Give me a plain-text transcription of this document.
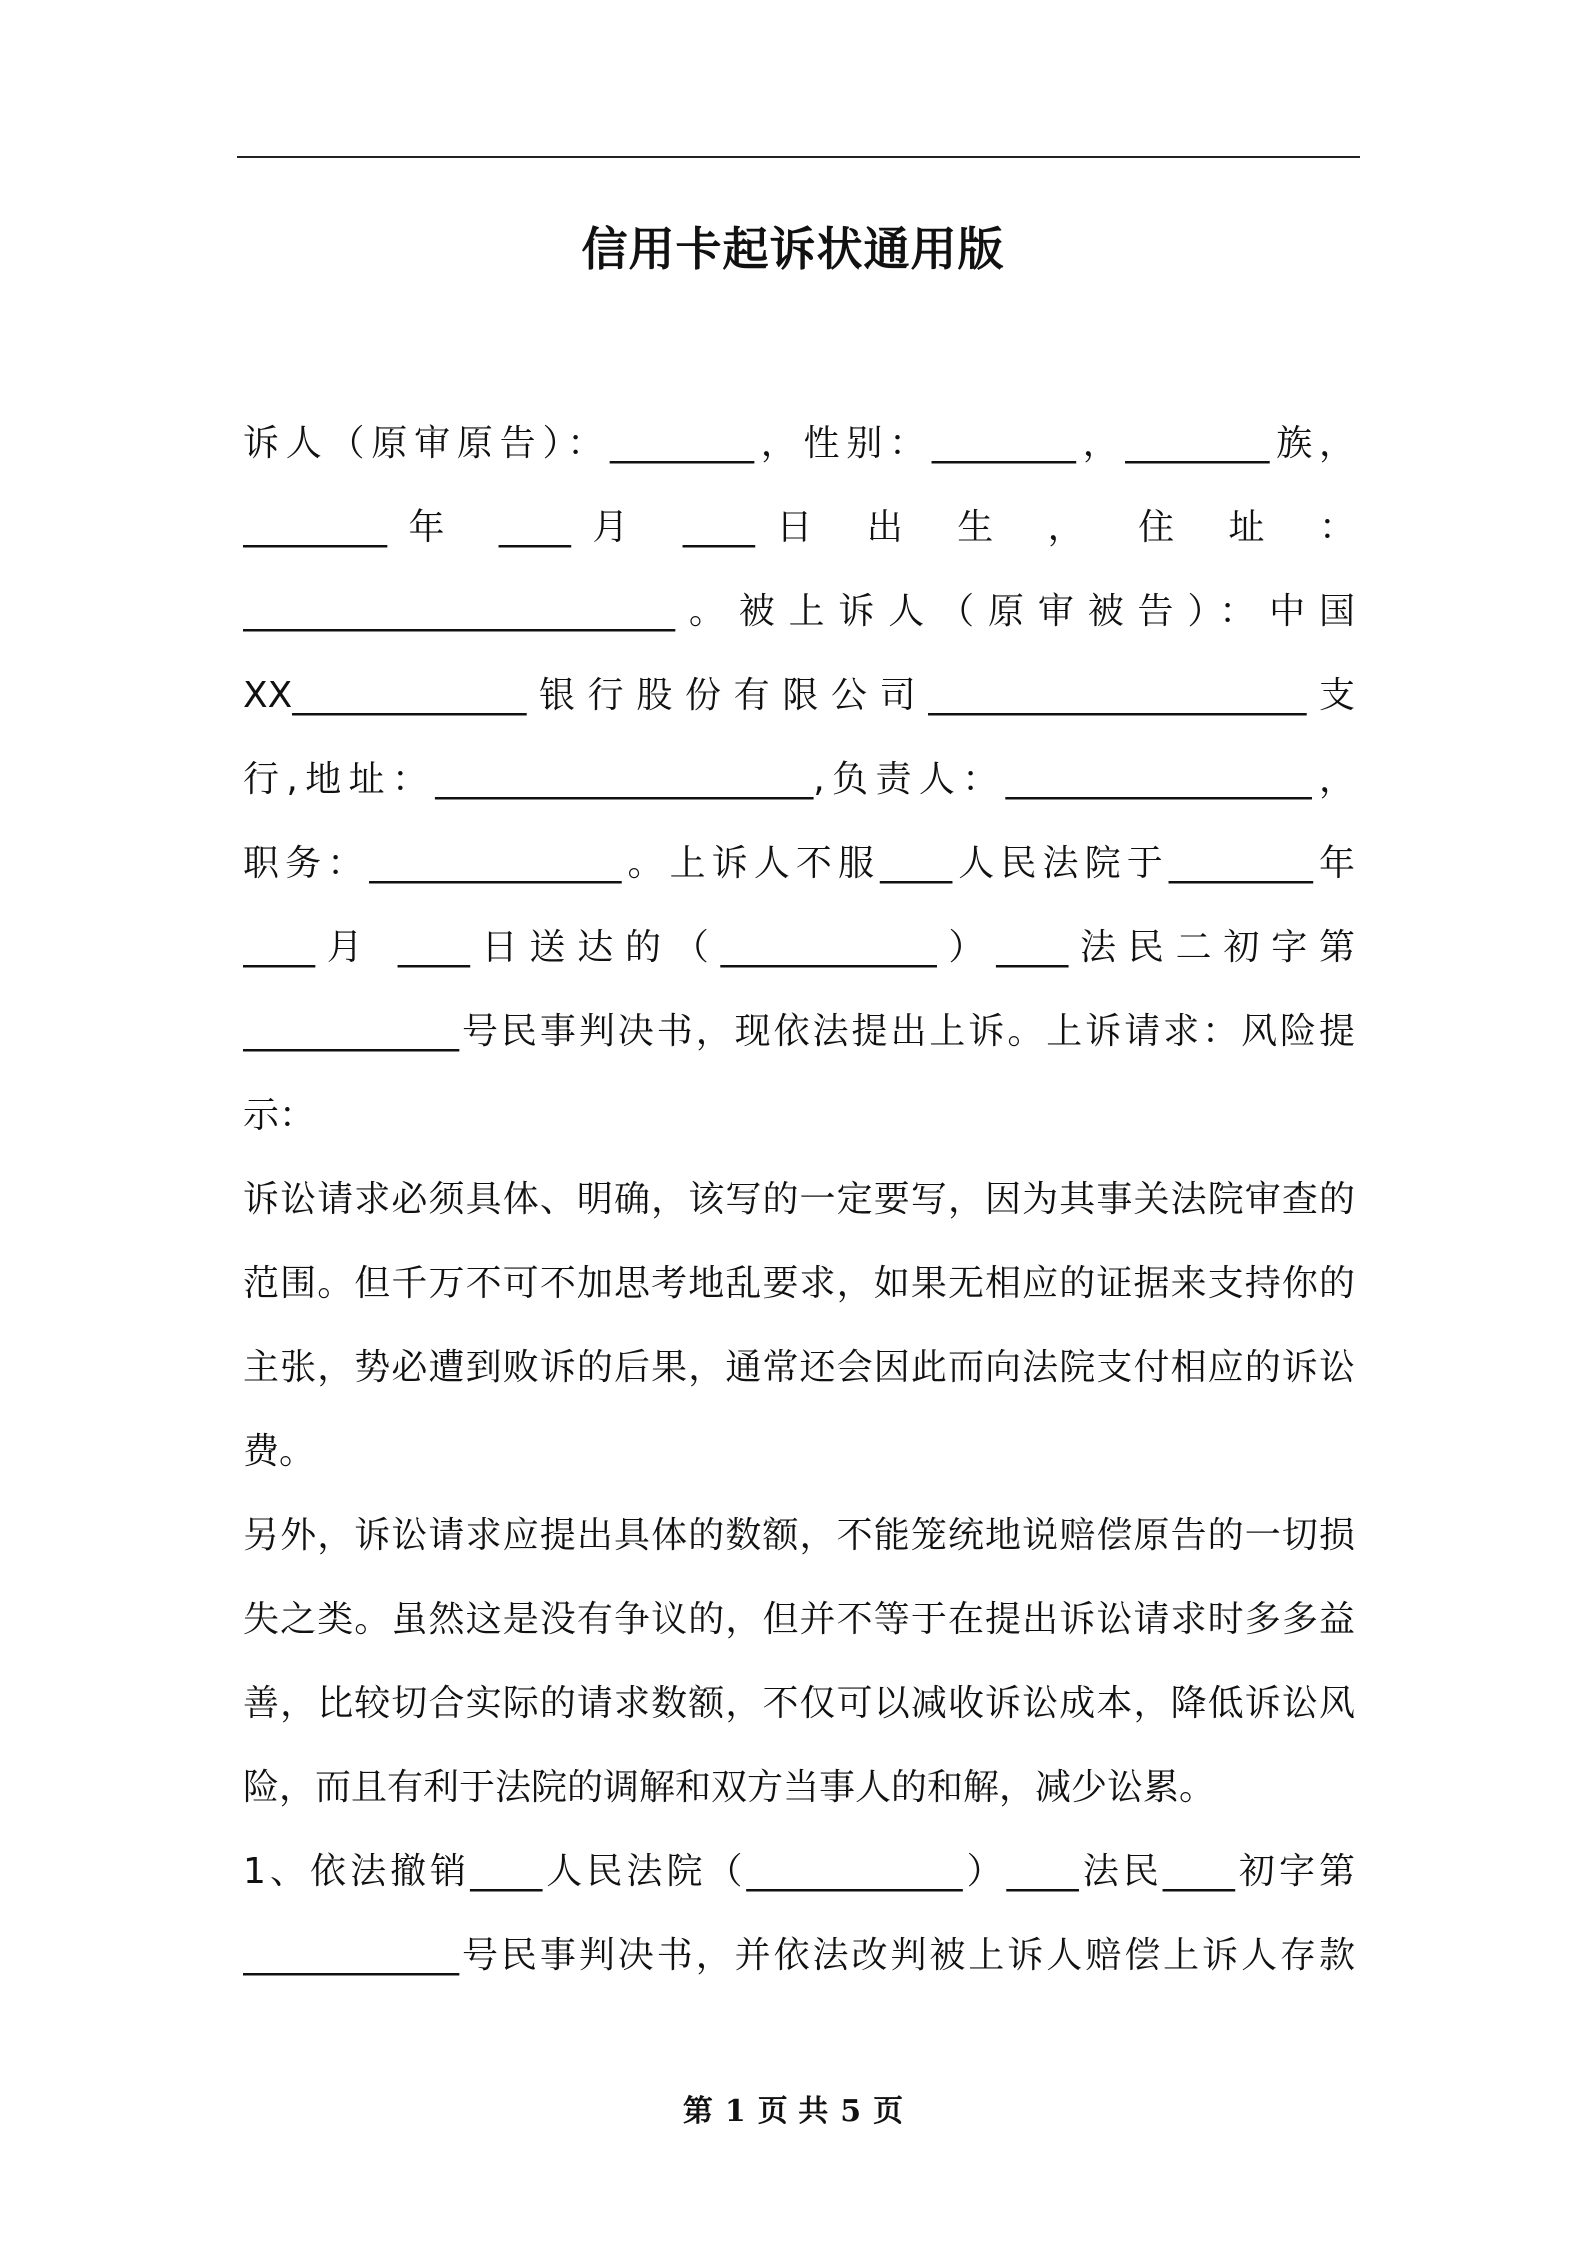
信用卡起诉状通用版
诉人（原审原告）：________，性别：________，________族，
________年 ____月 ____日 出 生 ， 住 址 ：
________________________。被上诉人（原审被告）：中国
XX_____________银行股份有限公司_____________________支
行,地址：_____________________,负责人：_________________，
职务：______________。上诉人不服____人民法院于________年
____月 ____日送达的（____________）____法民二初字第
____________号民事判决书，现依法提出上诉。上诉请求：风险提
示：
诉讼请求必须具体、明确，该写的一定要写，因为其事关法院审查的
范围。但千万不可不加思考地乱要求，如果无相应的证据来支持你的
主张，势必遭到败诉的后果，通常还会因此而向法院支付相应的诉讼
费。
另外，诉讼请求应提出具体的数额，不能笼统地说赔偿原告的一切损
失之类。虽然这是没有争议的，但并不等于在提出诉讼请求时多多益
善，比较切合实际的请求数额，不仅可以减收诉讼成本，降低诉讼风
险，而且有利于法院的调解和双方当事人的和解，减少讼累。
1、依法撤销____人民法院（____________）____法民____初字第
____________号民事判决书，并依法改判被上诉人赔偿上诉人存款
第 1 页 共 5 页
